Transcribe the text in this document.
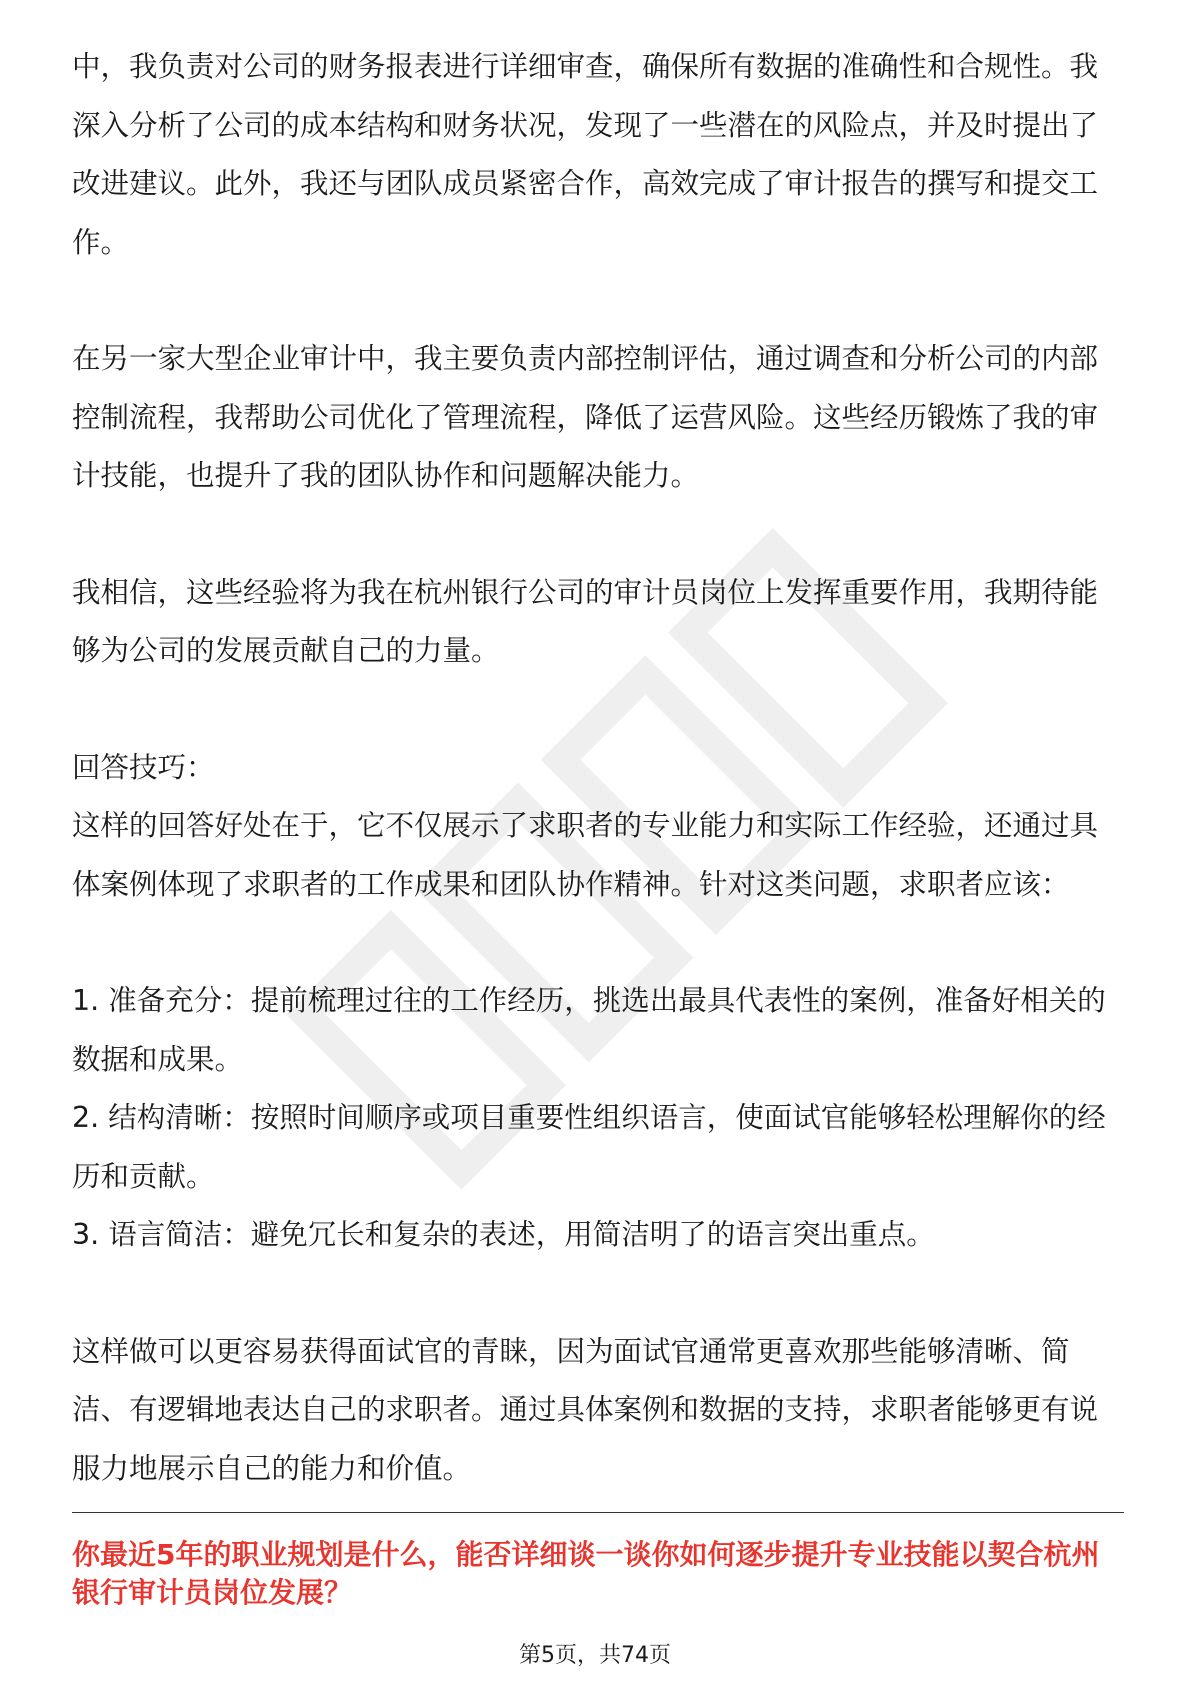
中，我负责对公司的财务报表进行详细审查，确保所有数据的准确性和合规性。我深入分析了公司的成本结构和财务状况，发现了一些潜在的风险点，并及时提出了改进建议。此外，我还与团队成员紧密合作，高效完成了审计报告的撰写和提交工作。

在另一家大型企业审计中，我主要负责内部控制评估，通过调查和分析公司的内部控制流程，我帮助公司优化了管理流程，降低了运营风险。这些经历锻炼了我的审计技能，也提升了我的团队协作和问题解决能力。

我相信，这些经验将为我在杭州银行公司的审计员岗位上发挥重要作用，我期待能够为公司的发展贡献自己的力量。

回答技巧：

这样的回答好处在于，它不仅展示了求职者的专业能力和实际工作经验，还通过具体案例体现了求职者的工作成果和团队协作精神。针对这类问题，求职者应该：

1. 准备充分：提前梳理过往的工作经历，挑选出最具代表性的案例，准备好相关的数据和成果。

2. 结构清晰：按照时间顺序或项目重要性组织语言，使面试官能够轻松理解你的经历和贡献。

3. 语言简洁：避免冗长和复杂的表述，用简洁明了的语言突出重点。

这样做可以更容易获得面试官的青睐，因为面试官通常更喜欢那些能够清晰、简洁、有逻辑地表达自己的求职者。通过具体案例和数据的支持，求职者能够更有说服力地展示自己的能力和价值。

你最近5年的职业规划是什么，能否详细谈一谈你如何逐步提升专业技能以契合杭州银行审计员岗位发展？

第5页，共74页
